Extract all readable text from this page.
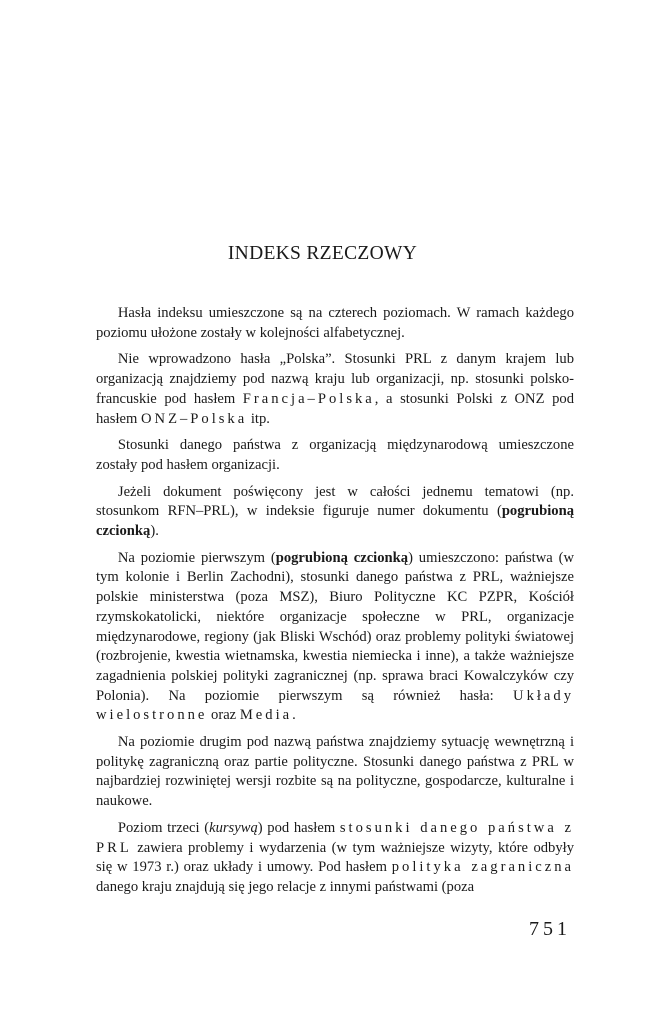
INDEKS RZECZOWY

  Hasła indeksu umieszczone są na czterech poziomach. W ramach każdego poziomu ułożone zostały w kolejności alfabetycznej.

  Nie wprowadzono hasła „Polska”. Stosunki PRL z danym krajem lub organizacją znajdziemy pod nazwą kraju lub organizacji, np. stosunki polsko-francuskie pod hasłem Francja–Polska, a stosunki Polski z ONZ pod hasłem ONZ–Polska itp.

  Stosunki danego państwa z organizacją międzynarodową umieszczone zostały pod hasłem organizacji.

  Jeżeli dokument poświęcony jest w całości jednemu tematowi (np. stosunkom RFN–PRL), w indeksie figuruje numer dokumentu (pogrubioną czcionką).

  Na poziomie pierwszym (pogrubioną czcionką) umieszczono: państwa (w tym kolonie i Berlin Zachodni), stosunki danego państwa z PRL, ważniejsze polskie ministerstwa (poza MSZ), Biuro Polityczne KC PZPR, Kościół rzymskokatolicki, niektóre organizacje społeczne w PRL, organizacje międzynarodowe, regiony (jak Bliski Wschód) oraz problemy polityki światowej (rozbrojenie, kwestia wietnamska, kwestia niemiecka i inne), a także ważniejsze zagadnienia polskiej polityki zagranicznej (np. sprawa braci Kowalczyków czy Polonia). Na poziomie pierwszym są również hasła: Układy wielostronne oraz Media.

  Na poziomie drugim pod nazwą państwa znajdziemy sytuację wewnętrzną i politykę zagraniczną oraz partie polityczne. Stosunki danego państwa z PRL w najbardziej rozwiniętej wersji rozbite są na polityczne, gospodarcze, kulturalne i naukowe.

  Poziom trzeci (kursywą) pod hasłem stosunki danego państwa z PRL zawiera problemy i wydarzenia (w tym ważniejsze wizyty, które odbyły się w 1973 r.) oraz układy i umowy. Pod hasłem polityka zagraniczna danego kraju znajdują się jego relacje z innymi państwami (poza

751
